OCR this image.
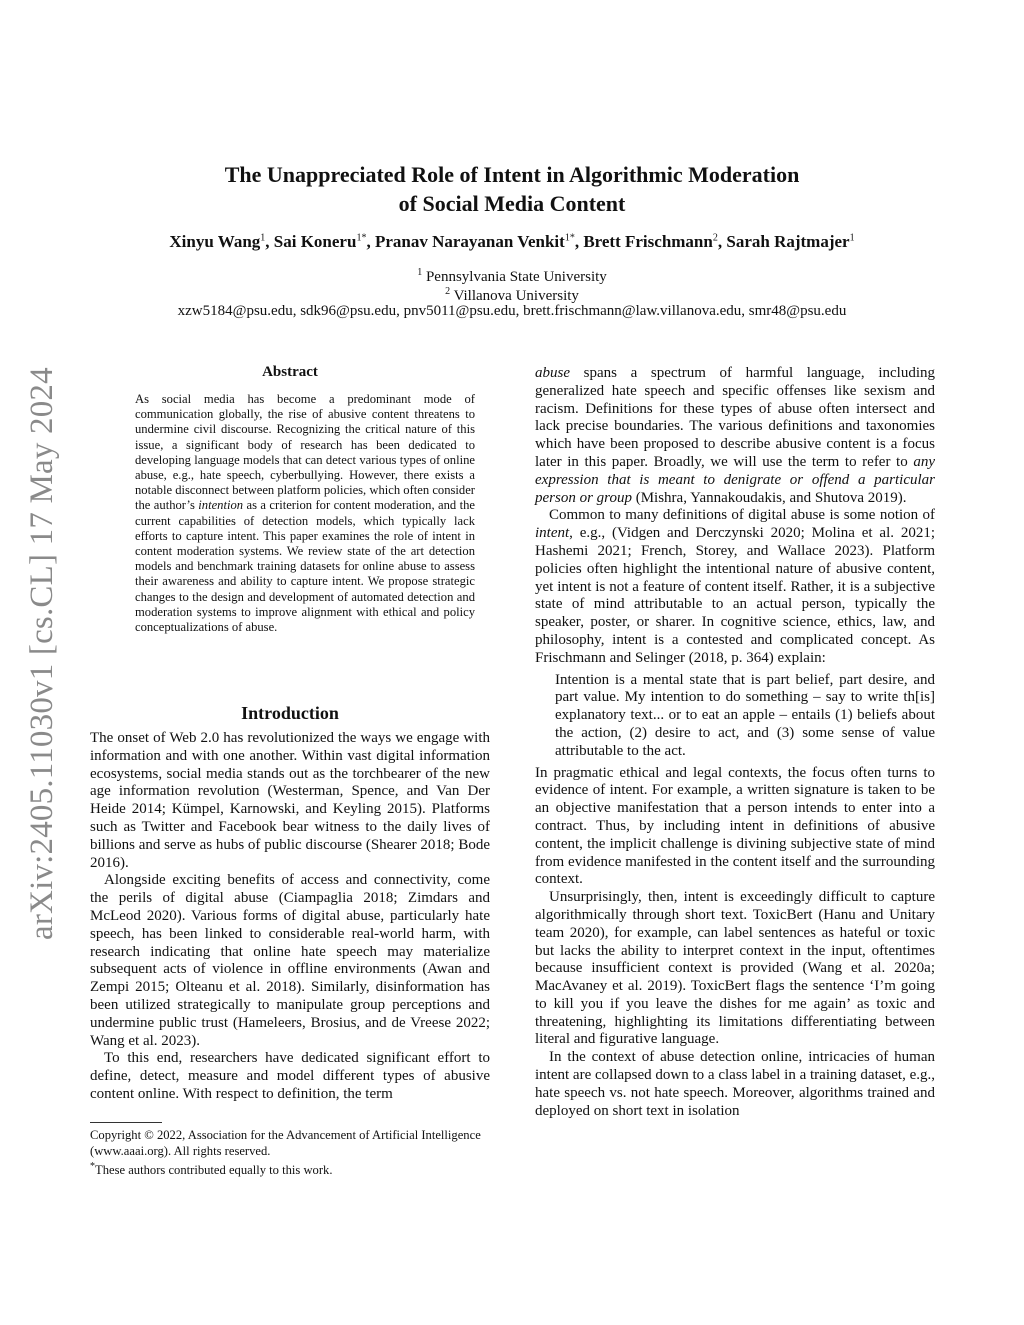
arXiv:2405.11030v1 [cs.CL] 17 May 2024
The Unappreciated Role of Intent in Algorithmic Moderation
of Social Media Content
Xinyu Wang$^1$, Sai Koneru$^{1*}$, Pranav Narayanan Venkit$^{1*}$, Brett Frischmann$^2$, Sarah Rajtmajer$^1$
$^1$ Pennsylvania State University
$^2$ Villanova University
xzw5184@psu.edu, sdk96@psu.edu, pnv5011@psu.edu, brett.frischmann@law.villanova.edu, smr48@psu.edu
Abstract
As social media has become a predominant mode of communication globally, the rise of abusive content threatens to undermine civil discourse. Recognizing the critical nature of this issue, a significant body of research has been dedicated to developing language models that can detect various types of online abuse, e.g., hate speech, cyberbullying. However, there exists a notable disconnect between platform policies, which often consider the author’s intention as a criterion for content moderation, and the current capabilities of detection models, which typically lack efforts to capture intent. This paper examines the role of intent in content moderation systems. We review state of the art detection models and benchmark training datasets for online abuse to assess their awareness and ability to capture intent. We propose strategic changes to the design and development of automated detection and moderation systems to improve alignment with ethical and policy conceptualizations of abuse.
Introduction

The onset of Web 2.0 has revolutionized the ways we engage with information and with one another. Within vast digital information ecosystems, social media stands out as the torchbearer of the new age information revolution (Westerman, Spence, and Van Der Heide 2014; Kümpel, Karnowski, and Keyling 2015). Platforms such as Twitter and Facebook bear witness to the daily lives of billions and serve as hubs of public discourse (Shearer 2018; Bode 2016).

Alongside exciting benefits of access and connectivity, come the perils of digital abuse (Ciampaglia 2018; Zimdars and McLeod 2020). Various forms of digital abuse, particularly hate speech, has been linked to considerable real-world harm, with research indicating that online hate speech may materialize subsequent acts of violence in offline environments (Awan and Zempi 2015; Olteanu et al. 2018). Similarly, disinformation has been utilized strategically to manipulate group perceptions and undermine public trust (Hameleers, Brosius, and de Vreese 2022; Wang et al. 2023).

To this end, researchers have dedicated significant effort to define, detect, measure and model different types of abusive content online. With respect to definition, the term

Copyright © 2022, Association for the Advancement of Artificial Intelligence (www.aaai.org). All rights reserved.

*These authors contributed equally to this work.

abuse spans a spectrum of harmful language, including generalized hate speech and specific offenses like sexism and racism. Definitions for these types of abuse often intersect and lack precise boundaries. The various definitions and taxonomies which have been proposed to describe abusive content is a focus later in this paper. Broadly, we will use the term to refer to any expression that is meant to denigrate or offend a particular person or group (Mishra, Yannakoudakis, and Shutova 2019).

Common to many definitions of digital abuse is some notion of intent, e.g., (Vidgen and Derczynski 2020; Molina et al. 2021; Hashemi 2021; French, Storey, and Wallace 2023). Platform policies often highlight the intentional nature of abusive content, yet intent is not a feature of content itself. Rather, it is a subjective state of mind attributable to an actual person, typically the speaker, poster, or sharer. In cognitive science, ethics, law, and philosophy, intent is a contested and complicated concept. As Frischmann and Selinger (2018, p. 364) explain:

Intention is a mental state that is part belief, part desire, and part value. My intention to do something – say to write th[is] explanatory text... or to eat an apple – entails (1) beliefs about the action, (2) desire to act, and (3) some sense of value attributable to the act.

In pragmatic ethical and legal contexts, the focus often turns to evidence of intent. For example, a written signature is taken to be an objective manifestation that a person intends to enter into a contract. Thus, by including intent in definitions of abusive content, the implicit challenge is divining subjective state of mind from evidence manifested in the content itself and the surrounding context.

Unsurprisingly, then, intent is exceedingly difficult to capture algorithmically through short text. ToxicBert (Hanu and Unitary team 2020), for example, can label sentences as hateful or toxic but lacks the ability to interpret context in the input, oftentimes because insufficient context is provided (Wang et al. 2020a; MacAvaney et al. 2019). ToxicBert flags the sentence ‘I’m going to kill you if you leave the dishes for me again’ as toxic and threatening, highlighting its limitations differentiating between literal and figurative language.

In the context of abuse detection online, intricacies of human intent are collapsed down to a class label in a training dataset, e.g., hate speech vs. not hate speech. Moreover, algorithms trained and deployed on short text in isolation
